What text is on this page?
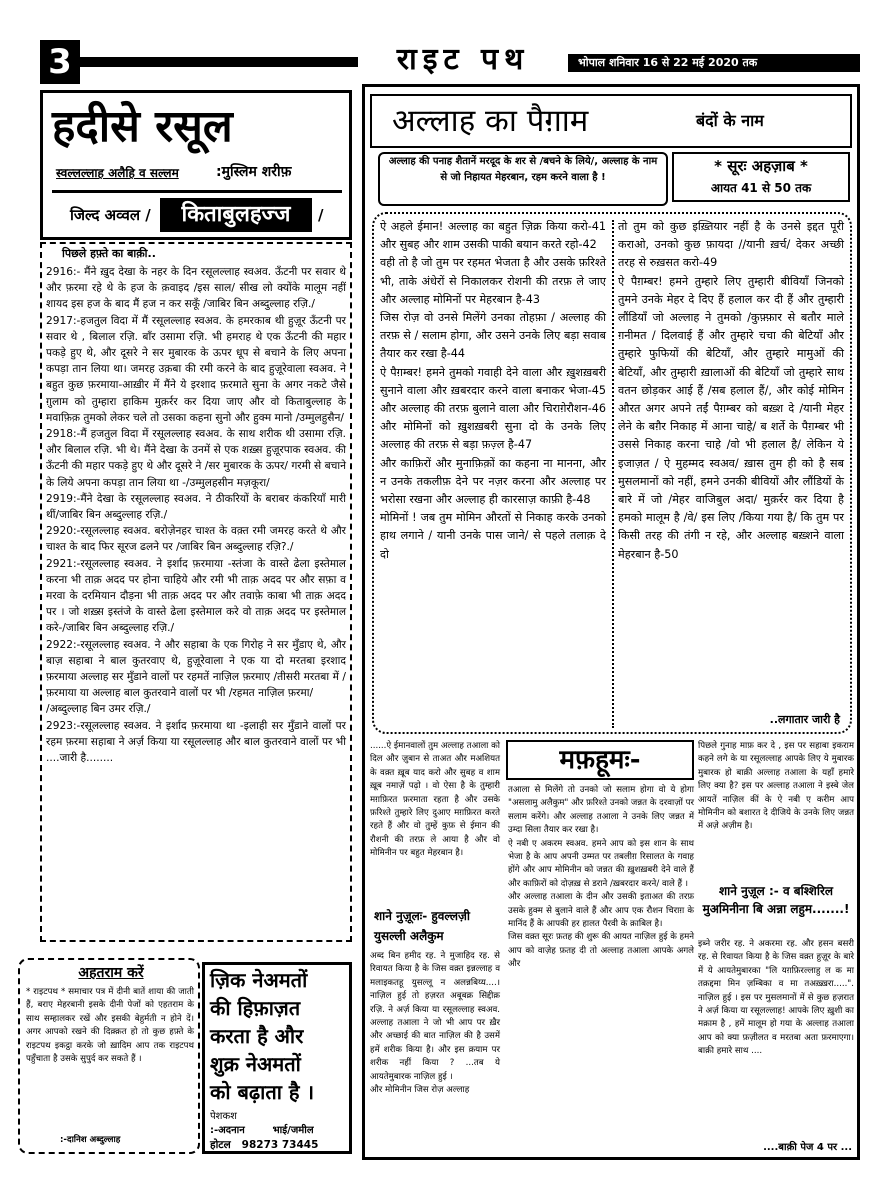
3	राइट पथ	भोपाल शनिवार 16 से 22 मई 2020 तक
हदीसे रसूल
स्वल्लल्लाह अलैहि व सल्लम	:मुस्लिम शरीफ़
जिल्द अव्वल /	किताबुलहज्ज	/
पिछले हफ़्ते का बाक़ी..
2916:- मैंने ख़ुद देखा के नहर के दिन रसूलल्लाह स्वअव. ऊँटनी पर सवार थे और फ़रमा रहे थे के हज के क़वाइद /इस साल/ सीख लो क्योंके मालूम नहीं शायद इस हज के बाद मैं हज न कर सकूँ /जाबिर बिन अब्दुल्लाह रज़ि./
2917:-हजतुल विदा में मैं रसूलल्लाह स्वअव. के हमरकाब थी हुज़ूर ऊँटनी पर सवार थे , बिलाल रज़ि. बाँर उसामा रज़ि. भी हमराह थे एक ऊँटनी की महार पकड़े हुए थे, और दूसरे ने सर मुबारक के ऊपर धूप से बचाने के लिए अपना कपड़ा तान लिया था। जमरह उक़बा की रमी करने के बाद हुज़ूरेवाला स्वअव. ने बहुत कुछ फ़रमाया-आख़ीर में मैंने ये इरशाद फ़रमाते सुना के अगर नकटे जैसे ग़ुलाम को तुम्हारा हाकिम मुक़र्रर कर दिया जाए और वो किताबुल्लाह के मवाफ़िक़ तुमको लेकर चले तो उसका कहना सुनो और हुक्म मानो /उम्मुलहुसैन/
2918:-मैं हजतुल विदा में रसूलल्लाह स्वअव. के साथ शरीक थी उसामा रज़ि. और बिलाल रज़ि. भी थे। मैंने देखा के उनमें से एक शख़्स हुज़ूरपाक स्वअव. की ऊँटनी की महार पकड़े हुए थे और दूसरे ने /सर मुबारक के ऊपर/ गरमी से बचाने के लिये अपना कपड़ा तान लिया था -/उम्मुलहसीन मज़कूरा/
2919:-मैंने देखा के रसूलल्लाह स्वअव. ने ठीकरियों के बराबर कंकरियाँ मारी थीं/जाबिर बिन अब्दुल्लाह रज़ि./
2920:-रसूलल्लाह स्वअव. बरोज़ेनहर चाश्त के वक़्त रमी जमरह करते थे और चाश्त के बाद फिर सूरज ढलने पर /जाबिर बिन अब्दुल्लाह रज़ि?./
2921:-रसूलल्लाह स्वअव. ने इर्शाद फ़रमाया -स्तंजा के वास्ते ढेला इस्तेमाल करना भी ताक़ अदद पर होना चाहिये और रमी भी ताक़ अदद पर और सफ़ा व मरवा के दरमियान दौड़ना भी ताक़ अदद पर और तवाफ़े काबा भी ताक़ अदद पर । जो शख़्स इस्तंजे के वास्ते ढेला इस्तेमाल करे वो ताक़ अदद पर इस्तेमाल करे-/जाबिर बिन अब्दुल्लाह रज़ि./
2922:-रसूलल्लाह स्वअव. ने और सहाबा के एक गिरोह ने सर मुँडाए थे, और बाज़ सहाबा ने बाल कुतरवाए थे, हुज़ूरेवाला ने एक या दो मरतबा इरशाद फ़रमाया अल्लाह सर मुँडाने वालों पर रहमतें नाज़िल फ़रमाए /तीसरी मरतबा में / फ़रमाया या अल्लाह बाल कुतरवाने वालों पर भी /रहमत नाज़िल फ़रमा/
/अब्दुल्लाह बिन उमर रज़ि./
2923:-रसूलल्लाह स्वअव. ने इर्शाद फ़रमाया था -इलाही सर मुँडाने वालों पर रहम फ़रमा सहाबा ने अर्ज़ किया या रसूलल्लाह और बाल कुतरवाने वालों पर भी          ....जारी है........
अहतराम करें
* राइटपथ * समाचार पत्र में दीनी बातें शाया की जाती हैं, बराए मेहरबानी इसके दीनी पेजों को एहतराम के साथ सम्हालकर रखें और इसकी बेहुर्मती न होने दें। अगर आपको रखने की दिक़्क़त हो तो कुछ हफ़्ते के राइटपथ इकट्ठा करके जो ख़ादिम आप तक राइटपथ पहुँचाता है उसके सुपुर्द कर सकते हैं ।
:-दानिश अब्दुल्लाह
ज़िक नेअमतों
की हिफ़ाज़त
करता है और
शुक्र नेअमतों
को बढ़ाता है ।
पेशकश
:-अदनान        भाई/जमील
होटल   98273 73445
अल्लाह का पैग़ाम	बंदों के नाम
अल्लाह की पनाह शैतानें मरदूद के शर से /बचने के लिये/, अल्लाह के नाम से जो निहायत मेहरबान, रहम करने वाला है !
* सूरः अहज़ाब *
आयत 41 से 50 तक
ऐ अहले ईमान! अल्लाह का बहुत ज़िक्र किया करो-41 और सुबह और शाम उसकी पाकी बयान करते रहो-42
वही तो है जो तुम पर रहमत भेजता है और उसके फ़रिश्ते भी, ताके अंधेरों से निकालकर रोशनी की तरफ़ ले जाए और अल्लाह मोमिनों पर मेहरबान है-43
जिस रोज़ वो उनसे मिलेंगे उनका तोहफ़ा / अल्लाह की तरफ़ से / सलाम होगा, और उसने उनके लिए बड़ा सवाब तैयार कर रखा है-44
ऐ पैग़म्बर! हमने तुमको गवाही देने वाला और ख़ुशख़बरी सुनाने वाला और ख़बरदार करने वाला बनाकर भेजा-45 और अल्लाह की तरफ़ बुलाने वाला और चिराग़ेरौशन-46 और मोमिनों को ख़ुशख़बरी सुना दो के उनके लिए अल्लाह की तरफ़ से बड़ा फ़ज़्ल है-47
और काफ़िरों और मुनाफ़िक़ों का कहना ना मानना, और न उनके तकलीफ़ देने पर नज़र करना और अल्लाह पर भरोसा रखना और अल्लाह ही कारसाज़ काफ़ी है-48
मोमिनों ! जब तुम मोमिन औरतों से निकाह करके उनको हाथ लगाने / यानी उनके पास जाने/ से पहले तलाक़ दे दो
तो तुम को कुछ इख़्तियार नहीं है के उनसे इद्दत पूरी कराओ, उनको कुछ फ़ायदा //यानी ख़र्च/ देकर अच्छी तरह से रुख़सत करो-49
ऐ पैग़म्बर! हमने तुम्हारे लिए तुम्हारी बीवियाँ जिनको तुमने उनके मेहर दे दिए हैं हलाल कर दी हैं और तुम्हारी लौंडियाँ जो अल्लाह ने तुमको /कुफ़्फ़ार से बतौर माले ग़नीमत / दिलवाई हैं और तुम्हारे चचा की बेटियाँ और तुम्हारे फुफियों की बेटियाँ, और तुम्हारे मामुओं की बेटियाँ, और तुम्हारी ख़ालाओं की बेटियाँ जो तुम्हारे साथ वतन छोड़कर आई हैं /सब हलाल हैं/, और कोई मोमिन औरत अगर अपने तईं पैग़म्बर को बख़्श दे /यानी मेहर लेने के बग़ैर निकाह में आना चाहे/ ब शर्ते के पैग़म्बर भी उससे निकाह करना चाहे /वो भी हलाल है/ लेकिन ये इजाज़त / ऐ मुहम्मद स्वअव/ ख़ास तुम ही को है सब मुसलमानों को नहीं, हमने उनकी बीवियों और लौंडियों के बारे में जो /मेहर वाजिबुल अदा/ मुक़र्रर कर दिया है हमको मालूम है /वे/ इस लिए /किया गया है/ कि तुम पर किसी तरह की तंगी न रहे, और अल्लाह बख़्शने वाला मेहरबान है-50
..लगातार जारी है
मफ़हूमः-
......ऐ ईमानवालों तुम अल्लाह तआला को दिल और ज़ुबान से ताअत और मअशियत के वक़्त ख़ूब याद करो और सुबह व शाम ख़ूब नमाज़ें पढ़ो । वो ऐसा है के तुम्हारी मग़फ़िरत फ़रमाता रहता है और उसके फ़रिश्ते तुम्हारे लिए दुआए मग़फ़िरत करते रहते हैं और वो तुम्हें कुफ़ से ईमान की रौशनी की तरफ़ ले आया है और वो मोमिनीन पर बहुत मेहरबान है।
शाने नुज़ूलः- हुवल्लज़ी युसल्ली अलैकुम
अब्द बिन हमीद रह. ने मुजाहिद रह. से रिवायत किया है के जिस वक़्त इन्नल्लाह व मलाइकतहू युसल्लू न अलन्नबिय्य....। नाज़िल हुई तो हज़रत अबूबक्र सिद्दीक़ रज़ि. ने अर्ज़ किया या रसूलल्लाह स्वअव. अल्लाह तआला ने जो भी आप पर ख़ैर और अच्छाई की बात नाज़िल की है उसमें हमें शरीक किया है। और इस क़याम पर शरीक नहीं किया ? ...तब ये आयतेमुबारक नाज़िल हुई ।
और मोमिनीन जिस रोज़ अल्लाह
तआला से मिलेंगे तो उनको जो सलाम होगा वो ये होगा "असलामु अलैकुम" और फ़रिश्ते उनको जन्नत के दरवाज़ों पर सलाम करेंगे। और अल्लाह तआला ने उनके लिए जन्नत में उम्दा सिला तैयार कर रखा है।
ऐ नबी ए अकरम स्वअव. हमने आप को इस शान के साथ भेजा है के आप अपनी उम्मत पर तबलीग़ रिसालत के गवाह होंगे और आप मोमिनीन को जन्नत की ख़ुशख़बरी देने वाले हैं और काफ़िरों को दोज़ख़ से डराने /ख़बरदार करने/ वाले हैं ।
और अल्लाह तआला के दीन और उसकी इताअत की तरफ़ उसके हुक्म से बुलाने वाले हैं और आप एक रौशन चिराग़ के मानिंद हैं के आपकी हर हालत पैरवी के क़ाबिल है।
जिस वक़्त सूरः फ़तह की शुरू की आयत नाज़िल हुई के हमने आप को वाज़ेह फ़तह दी तो अल्लाह तआला आपके अगले और
पिछले गुनाह माफ़ कर दे , इस पर सहाबा इकराम कहने लगे के या रसूलल्लाह आपके लिए ये मुबारक मुबारक हो बाक़ी अल्लाह तआला के यहाँ हमारे लिए क्या है? इस पर अल्लाह तआला ने इस्बे जेल आयतें नाज़िल कीं के ऐ नबी ए करीम आप मोमिनीन को बशारत दे दीजिये के उनके लिए जन्नत में अज़े अज़ीम है।
शाने नुज़ूल :- व बश्शिरिल मुअमिनीना बि अन्ना लहुम.......!
इब्ने जरीर रह. ने अकरमा रह. और हसन बसरी रह. से रिवायत किया है के जिस वक़्त हुज़ूर के बारे में ये आयतेमुबारका "लि यग़फ़िरल्लाहु ल क मा तक़द्दमा मिन ज़म्बिका व मा तअख़्ख़रा.....". नाज़िल हुई । इस पर मुसलमानों में से कुछ हज़रात ने अर्ज़ किया या रसूलल्लाह! आपके लिए ख़ुशी का मक़ाम है , हमें मालूम हो गया के अल्लाह तआला आप को क्या फ़ज़ीलत व मरतबा अता फ़रमाएगा। बाक़ी हमारे साथ ....
....बाक़ी पेज 4 पर ...
